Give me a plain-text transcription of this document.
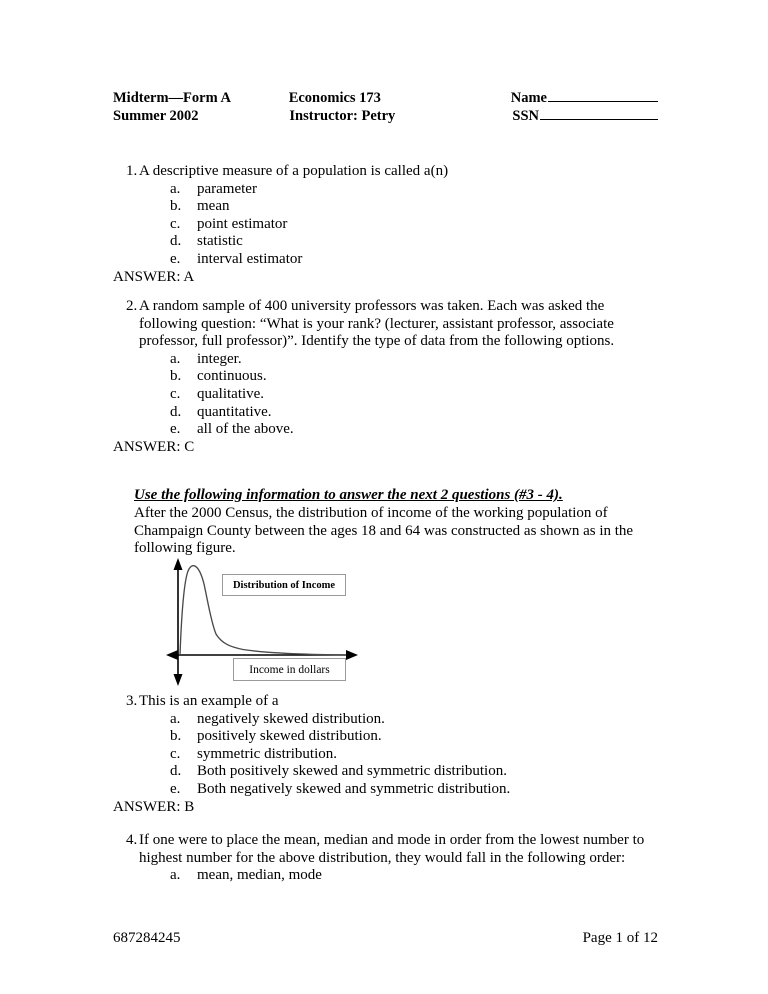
Midterm—Form A	Economics 173	Name
Summer 2002	Instructor: Petry	SSN
1. A descriptive measure of a population is called a(n)
a.	parameter
b.	mean
c.	point estimator
d.	statistic
e.	interval estimator
ANSWER: A
2. A random sample of 400 university professors was taken. Each was asked the following question: “What is your rank? (lecturer, assistant professor, associate professor, full professor)”. Identify the type of data from the following options.
a.	integer.
b.	continuous.
c.	qualitative.
d.	quantitative.
e.	all of the above.
ANSWER: C
Use the following information to answer the next 2 questions (#3 - 4).
After the 2000 Census, the distribution of income of the working population of Champaign County between the ages 18 and 64 was constructed as shown as in the following figure.
Distribution of Income
Income in dollars
3. This is an example of a
a.	negatively skewed distribution.
b.	positively skewed distribution.
c.	symmetric distribution.
d.	Both positively skewed and symmetric distribution.
e.	Both negatively skewed and symmetric distribution.
ANSWER: B
4. If one were to place the mean, median and mode in order from the lowest number to highest number for the above distribution, they would fall in the following order:
a.	mean, median, mode
687284245	Page 1 of 12
